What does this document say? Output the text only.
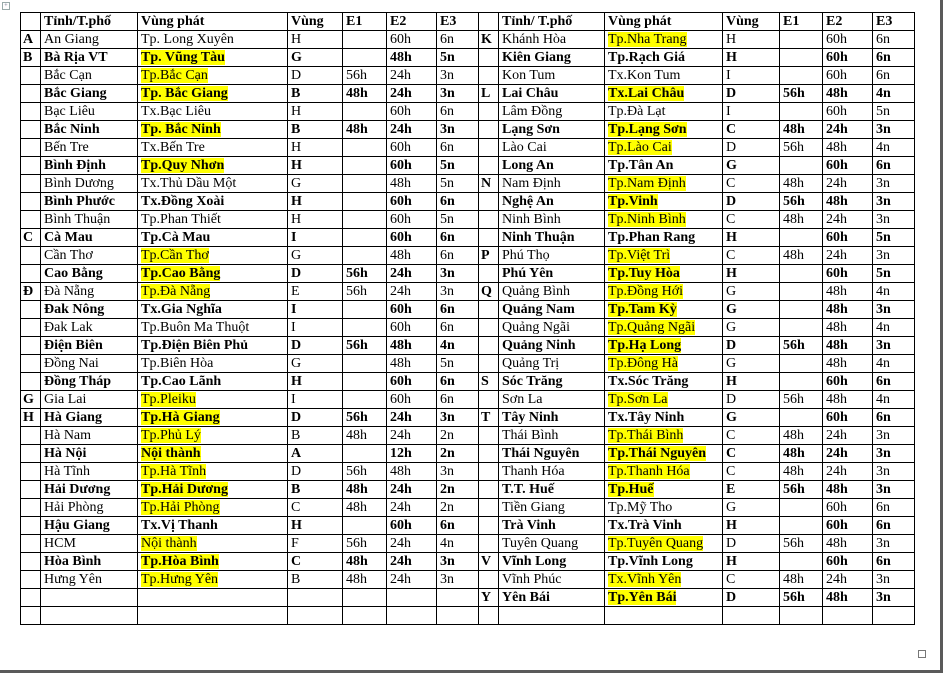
+
	Tỉnh/T.phố	Vùng phát	Vùng	E1	E2	E3		Tỉnh/ T.phố	Vùng phát	Vùng	E1	E2	E3
A	An Giang	Tp. Long Xuyên	H		60h	6n	K	Khánh Hòa	Tp.Nha Trang	H		60h	6n
B	Bà Rịa VT	Tp. Vũng Tàu	G		48h	5n		Kiên Giang	Tp.Rạch Giá	H		60h	6n
	Bắc Cạn	Tp.Bắc Cạn	D	56h	24h	3n		Kon Tum	Tx.Kon Tum	I		60h	6n
	Bắc Giang	Tp. Bắc Giang	B	48h	24h	3n	L	Lai Châu	Tx.Lai Châu	D	56h	48h	4n
	Bạc Liêu	Tx.Bạc Liêu	H		60h	6n		Lâm Đồng	Tp.Đà Lạt	I		60h	5n
	Bắc Ninh	Tp. Bắc Ninh	B	48h	24h	3n		Lạng Sơn	Tp.Lạng Sơn	C	48h	24h	3n
	Bến Tre	Tx.Bến Tre	H		60h	6n		Lào Cai	Tp.Lào Cai	D	56h	48h	4n
	Bình Định	Tp.Quy Nhơn	H		60h	5n		Long An	Tp.Tân An	G		60h	6n
	Bình Dương	Tx.Thủ Dầu Một	G		48h	5n	N	Nam Định	Tp.Nam Định	C	48h	24h	3n
	Bình Phước	Tx.Đồng Xoài	H		60h	6n		Nghệ An	Tp.Vinh	D	56h	48h	3n
	Bình Thuận	Tp.Phan Thiết	H		60h	5n		Ninh Bình	Tp.Ninh Bình	C	48h	24h	3n
C	Cà Mau	Tp.Cà Mau	I		60h	6n		Ninh Thuận	Tp.Phan Rang	H		60h	5n
	Cần Thơ	Tp.Cần Thơ	G		48h	6n	P	Phú Thọ	Tp.Việt Trì	C	48h	24h	3n
	Cao Bằng	Tp.Cao Bằng	D	56h	24h	3n		Phú Yên	Tp.Tuy Hòa	H		60h	5n
Đ	Đà Nẵng	Tp.Đà Nẵng	E	56h	24h	3n	Q	Quảng Bình	Tp.Đồng Hới	G		48h	4n
	Đak Nông	Tx.Gia Nghĩa	I		60h	6n		Quảng Nam	Tp.Tam Kỳ	G		48h	3n
	Đak Lak	Tp.Buôn Ma Thuột	I		60h	6n		Quảng Ngãi	Tp.Quảng Ngãi	G		48h	4n
	Điện Biên	Tp.Điện Biên Phủ	D	56h	48h	4n		Quảng Ninh	Tp.Hạ Long	D	56h	48h	3n
	Đồng Nai	Tp.Biên Hòa	G		48h	5n		Quảng Trị	Tp.Đông Hà	G		48h	4n
	Đồng Tháp	Tp.Cao Lãnh	H		60h	6n	S	Sóc Trăng	Tx.Sóc Trăng	H		60h	6n
G	Gia Lai	Tp.Pleiku	I		60h	6n		Sơn La	Tp.Sơn La	D	56h	48h	4n
H	Hà Giang	Tp.Hà Giang	D	56h	24h	3n	T	Tây Ninh	Tx.Tây Ninh	G		60h	6n
	Hà Nam	Tp.Phủ Lý	B	48h	24h	2n		Thái Bình	Tp.Thái Bình	C	48h	24h	3n
	Hà Nội	Nội thành	A		12h	2n		Thái Nguyên	Tp.Thái Nguyên	C	48h	24h	3n
	Hà Tĩnh	Tp.Hà Tĩnh	D	56h	48h	3n		Thanh Hóa	Tp.Thanh Hóa	C	48h	24h	3n
	Hải Dương	Tp.Hải Dương	B	48h	24h	2n		T.T. Huế	Tp.Huế	E	56h	48h	3n
	Hải Phòng	Tp.Hải Phòng	C	48h	24h	2n		Tiền Giang	Tp.Mỹ Tho	G		60h	6n
	Hậu Giang	Tx.Vị Thanh	H		60h	6n		Trà Vinh	Tx.Trà Vinh	H		60h	6n
	HCM	Nội thành	F	56h	24h	4n		Tuyên Quang	Tp.Tuyên Quang	D	56h	48h	3n
	Hòa Bình	Tp.Hòa Bình	C	48h	24h	3n	V	Vĩnh Long	Tp.Vĩnh Long	H		60h	6n
	Hưng Yên	Tp.Hưng Yên	B	48h	24h	3n		Vĩnh Phúc	Tx.Vĩnh Yên	C	48h	24h	3n
							Y	Yên Bái	Tp.Yên Bái	D	56h	48h	3n
